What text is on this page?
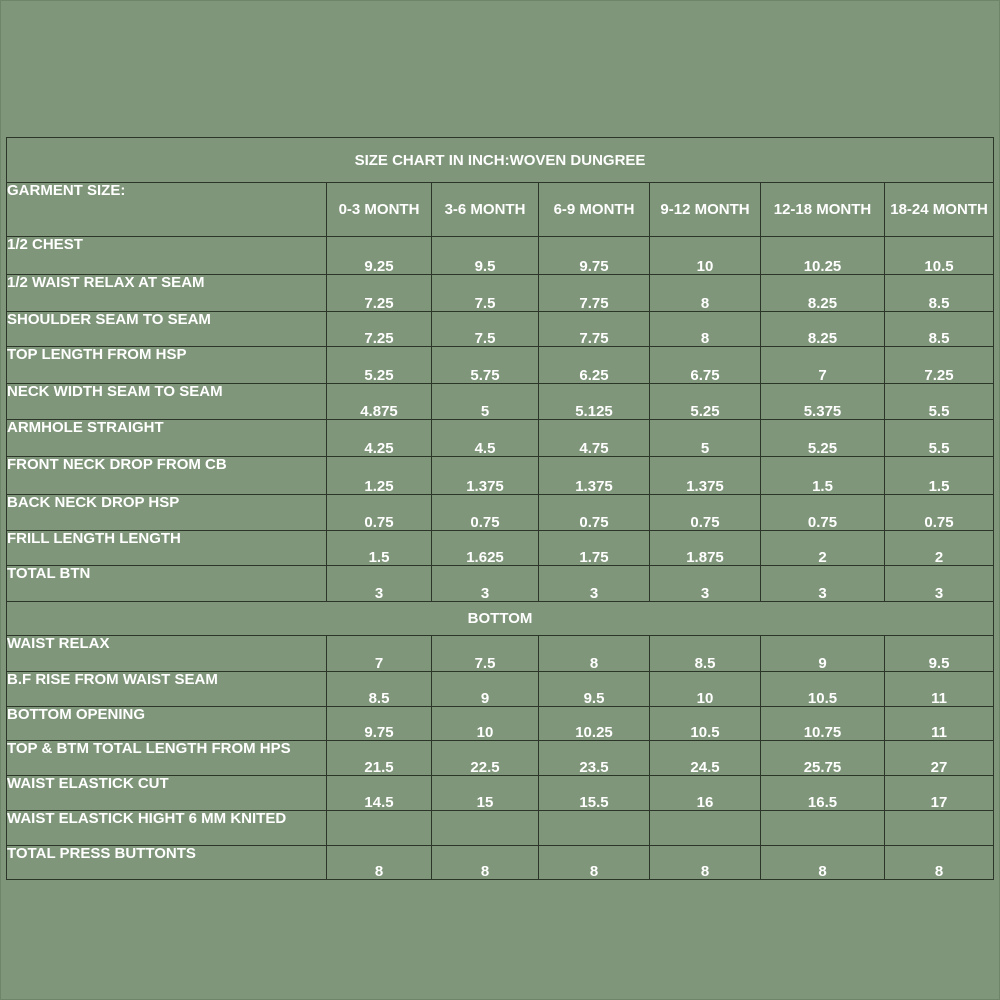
SIZE CHART IN INCH:WOVEN DUNGREE						
GARMENT SIZE:	0-3 MONTH	3-6 MONTH	6-9 MONTH	9-12 MONTH	12-18 MONTH	18-24 MONTH
1/2 CHEST	9.25	9.5	9.75	10	10.25	10.5
1/2 WAIST RELAX AT SEAM	7.25	7.5	7.75	8	8.25	8.5
SHOULDER SEAM TO SEAM	7.25	7.5	7.75	8	8.25	8.5
TOP LENGTH FROM HSP	5.25	5.75	6.25	6.75	7	7.25
NECK WIDTH SEAM TO SEAM	4.875	5	5.125	5.25	5.375	5.5
ARMHOLE STRAIGHT	4.25	4.5	4.75	5	5.25	5.5
FRONT NECK DROP FROM CB	1.25	1.375	1.375	1.375	1.5	1.5
BACK NECK DROP HSP	0.75	0.75	0.75	0.75	0.75	0.75
FRILL LENGTH LENGTH	1.5	1.625	1.75	1.875	2	2
TOTAL BTN	3	3	3	3	3	3
BOTTOM						
WAIST RELAX	7	7.5	8	8.5	9	9.5
B.F RISE FROM WAIST SEAM	8.5	9	9.5	10	10.5	11
BOTTOM OPENING	9.75	10	10.25	10.5	10.75	11
TOP & BTM TOTAL LENGTH FROM HPS	21.5	22.5	23.5	24.5	25.75	27
WAIST ELASTICK CUT	14.5	15	15.5	16	16.5	17
WAIST ELASTICK HIGHT 6 MM KNITED						
TOTAL PRESS BUTTONTS	8	8	8	8	8	8
